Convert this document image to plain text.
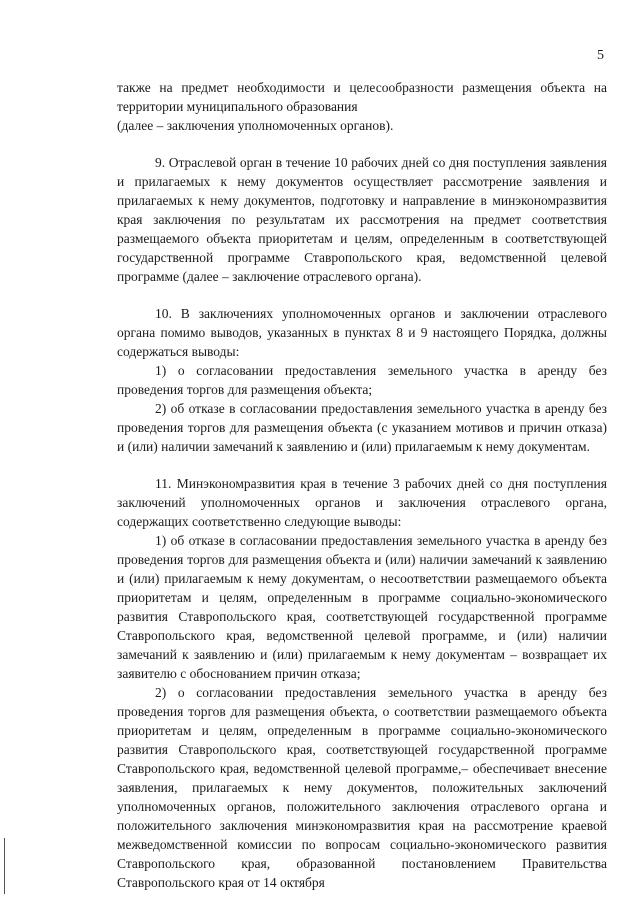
5

также на предмет необходимости и целесообразности размещения объекта на территории муниципального образования

(далее – заключения уполномоченных органов).

9. Отраслевой орган в течение 10 рабочих дней со дня поступления заявления и прилагаемых к нему документов осуществляет рассмотрение заявления и прилагаемых к нему документов, подготовку и направление в минэкономразвития края заключения по результатам их рассмотрения на предмет соответствия размещаемого объекта приоритетам и целям, определенным в соответствующей государственной программе Ставропольского края, ведомственной целевой программе (далее – заключение отраслевого органа).

10. В заключениях уполномоченных органов и заключении отраслевого органа помимо выводов, указанных в пунктах 8 и 9 настоящего Порядка, должны содержаться выводы:

1) о согласовании предоставления земельного участка в аренду без проведения торгов для размещения объекта;

2) об отказе в согласовании предоставления земельного участка в аренду без проведения торгов для размещения объекта (с указанием мотивов и причин отказа) и (или) наличии замечаний к заявлению и (или) прилагаемым к нему документам.

11. Минэкономразвития края в течение 3 рабочих дней со дня поступления заключений уполномоченных органов и заключения отраслевого органа, содержащих соответственно следующие выводы:

1) об отказе в согласовании предоставления земельного участка в аренду без проведения торгов для размещения объекта и (или) наличии замечаний к заявлению и (или) прилагаемым к нему документам, о несоответствии размещаемого объекта приоритетам и целям, определенным в программе социально-экономического развития Ставропольского края, соответствующей государственной программе Ставропольского края, ведомственной целевой программе, и (или) наличии замечаний к заявлению и (или) прилагаемым к нему документам – возвращает их заявителю с обоснованием причин отказа;

2) о согласовании предоставления земельного участка в аренду без проведения торгов для размещения объекта, о соответствии размещаемого объекта приоритетам и целям, определенным в программе социально-экономического развития Ставропольского края, соответствующей государственной программе Ставропольского края, ведомственной целевой программе,– обеспечивает внесение заявления, прилагаемых к нему документов, положительных заключений уполномоченных органов, положительного заключения отраслевого органа и положительного заключения минэкономразвития края на рассмотрение краевой межведомственной комиссии по вопросам социально-экономического развития Ставропольского края, образованной постановлением Правительства Ставропольского края от 14 октября
